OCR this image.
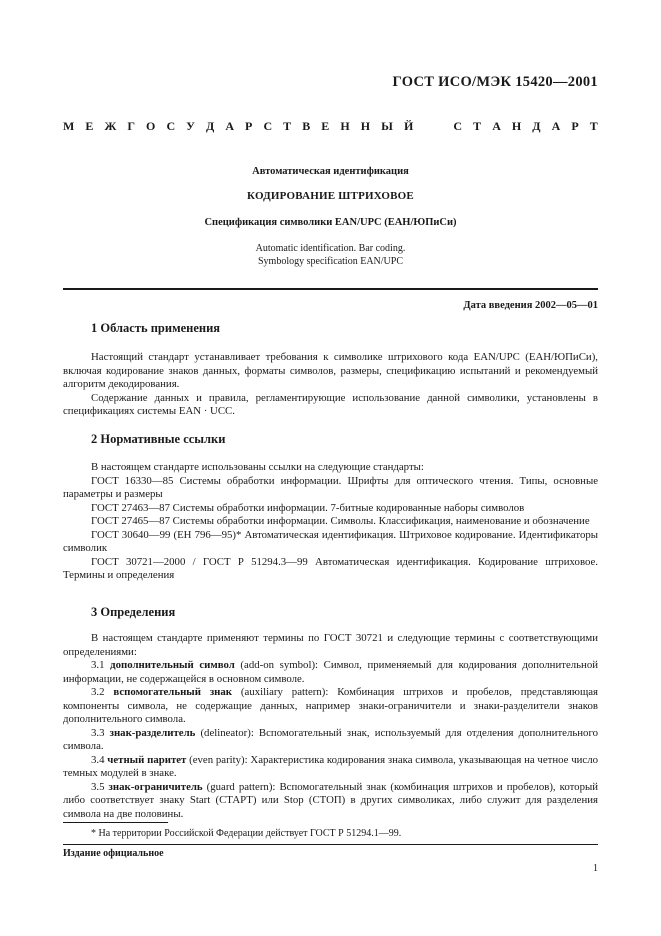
ГОСТ ИСО/МЭК 15420—2001
М Е Ж Г О С У Д А Р С Т В Е Н Н Ы Й	С Т А Н Д А Р Т
Автоматическая идентификация
КОДИРОВАНИЕ ШТРИХОВОЕ
Спецификация символики EAN/UPC (ЕАН/ЮПиСи)
Automatic identification. Bar coding.
Symbology specification EAN/UPC
Дата введения 2002—05—01
1 Область применения

Настоящий стандарт устанавливает требования к символике штрихового кода EAN/UPC (ЕАН/ЮПиСи), включая кодирование знаков данных, форматы символов, размеры, спецификацию испытаний и рекомендуемый алгоритм декодирования.

Содержание данных и правила, регламентирующие использование данной символики, установлены в спецификациях системы EAN · UCC.

2 Нормативные ссылки

В настоящем стандарте использованы ссылки на следующие стандарты:

ГОСТ 16330—85 Системы обработки информации. Шрифты для оптического чтения. Типы, основные параметры и размеры

ГОСТ 27463—87 Системы обработки информации. 7-битные кодированные наборы символов

ГОСТ 27465—87 Системы обработки информации. Символы. Классификация, наименование и обозначение

ГОСТ 30640—99 (ЕН 796—95)* Автоматическая идентификация. Штриховое кодирование. Идентификаторы символик

ГОСТ 30721—2000 / ГОСТ Р 51294.3—99 Автоматическая идентификация. Кодирование штриховое. Термины и определения

3 Определения

В настоящем стандарте применяют термины по ГОСТ 30721 и следующие термины с соответствующими определениями:

3.1 дополнительный символ (add-on symbol): Символ, применяемый для кодирования дополнительной информации, не содержащейся в основном символе.

3.2 вспомогательный знак (auxiliary pattern): Комбинация штрихов и пробелов, представляющая компоненты символа, не содержащие данных, например знаки-ограничители и знаки-разделители знаков дополнительного символа.

3.3 знак-разделитель (delineator): Вспомогательный знак, используемый для отделения дополнительного символа.

3.4 четный паритет (even parity): Характеристика кодирования знака символа, указывающая на четное число темных модулей в знаке.

3.5 знак-ограничитель (guard pattern): Вспомогательный знак (комбинация штрихов и пробелов), который либо соответствует знаку Start (СТАРТ) или Stop (СТОП) в других символиках, либо служит для разделения символа на две половины.

* На территории Российской Федерации действует ГОСТ Р 51294.1—99.
Издание официальное
1
